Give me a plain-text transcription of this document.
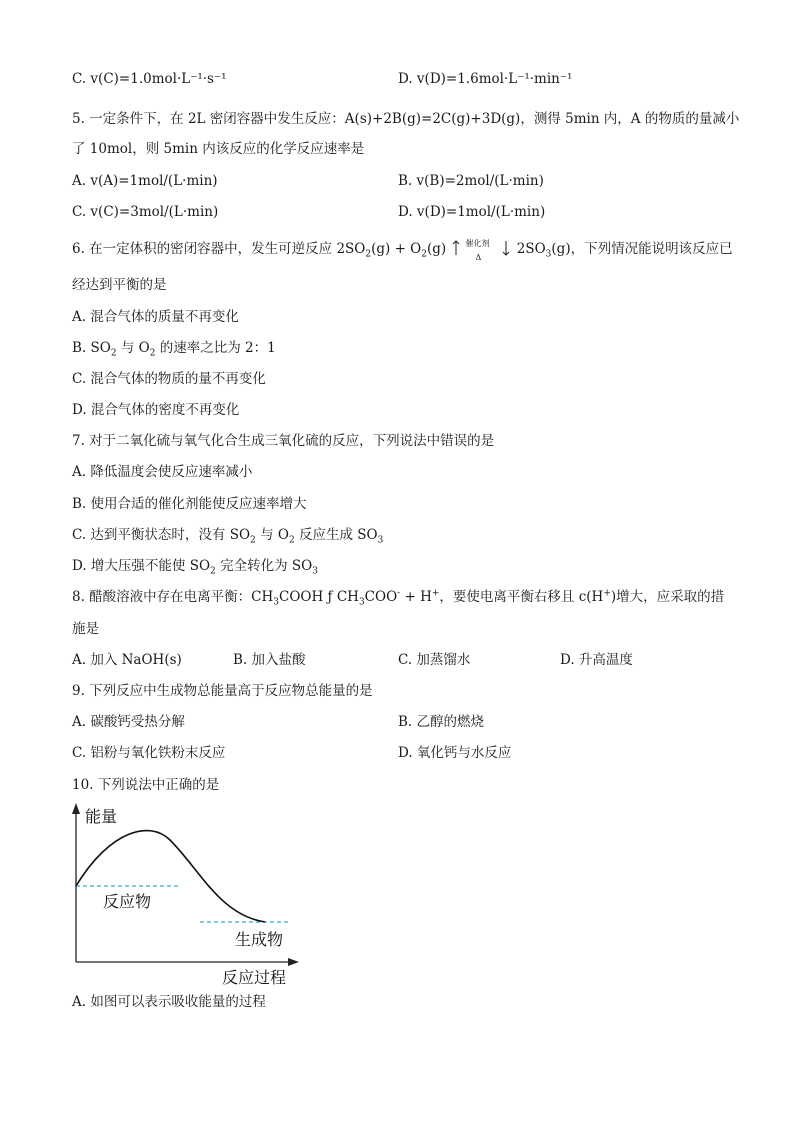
C. v(C)=1.0mol·L⁻¹·s⁻¹	D. v(D)=1.6mol·L⁻¹·min⁻¹
5. 一定条件下，在 2L 密闭容器中发生反应：A(s)+2B(g)=2C(g)+3D(g)，测得 5min 内，A 的物质的量减小
了 10mol，则 5min 内该反应的化学反应速率是
A. v(A)=1mol/(L·min)	B. v(B)=2mol/(L·min)
C. v(C)=3mol/(L·min)	D. v(D)=1mol/(L·min)
6. 在一定体积的密闭容器中，发生可逆反应 $2SO_2(g) + O_2(g)$ 催化剂
Δ	$2SO_3(g)$，下列情况能说明该反应已
经达到平衡的是
A. 混合气体的质量不再变化
B. $SO_2$ 与 $O_2$ 的速率之比为 2：1
C. 混合气体的物质的量不再变化
D. 混合气体的密度不再变化
7. 对于二氧化硫与氧气化合生成三氧化硫的反应，下列说法中错误的是
A. 降低温度会使反应速率减小
B. 使用合适的催化剂能使反应速率增大
C. 达到平衡状态时，没有 $SO_2$ 与 $O_2$ 反应生成 $SO_3$
D. 增大压强不能使 $SO_2$ 完全转化为 $SO_3$
8. 醋酸溶液中存在电离平衡：$CH_3COOH$ ƒ $CH_3COO^- + H^+$，要使电离平衡右移且 c(H+)增大，应采取的措
施是
A. 加入 NaOH(s)	B. 加入盐酸	C. 加蒸馏水	D. 升高温度
9. 下列反应中生成物总能量高于反应物总能量的是
A. 碳酸钙受热分解	B. 乙醇的燃烧
C. 铝粉与氧化铁粉末反应	D. 氧化钙与水反应
10. 下列说法中正确的是
能量
反应物
生成物
反应过程
A. 如图可以表示吸收能量的过程
